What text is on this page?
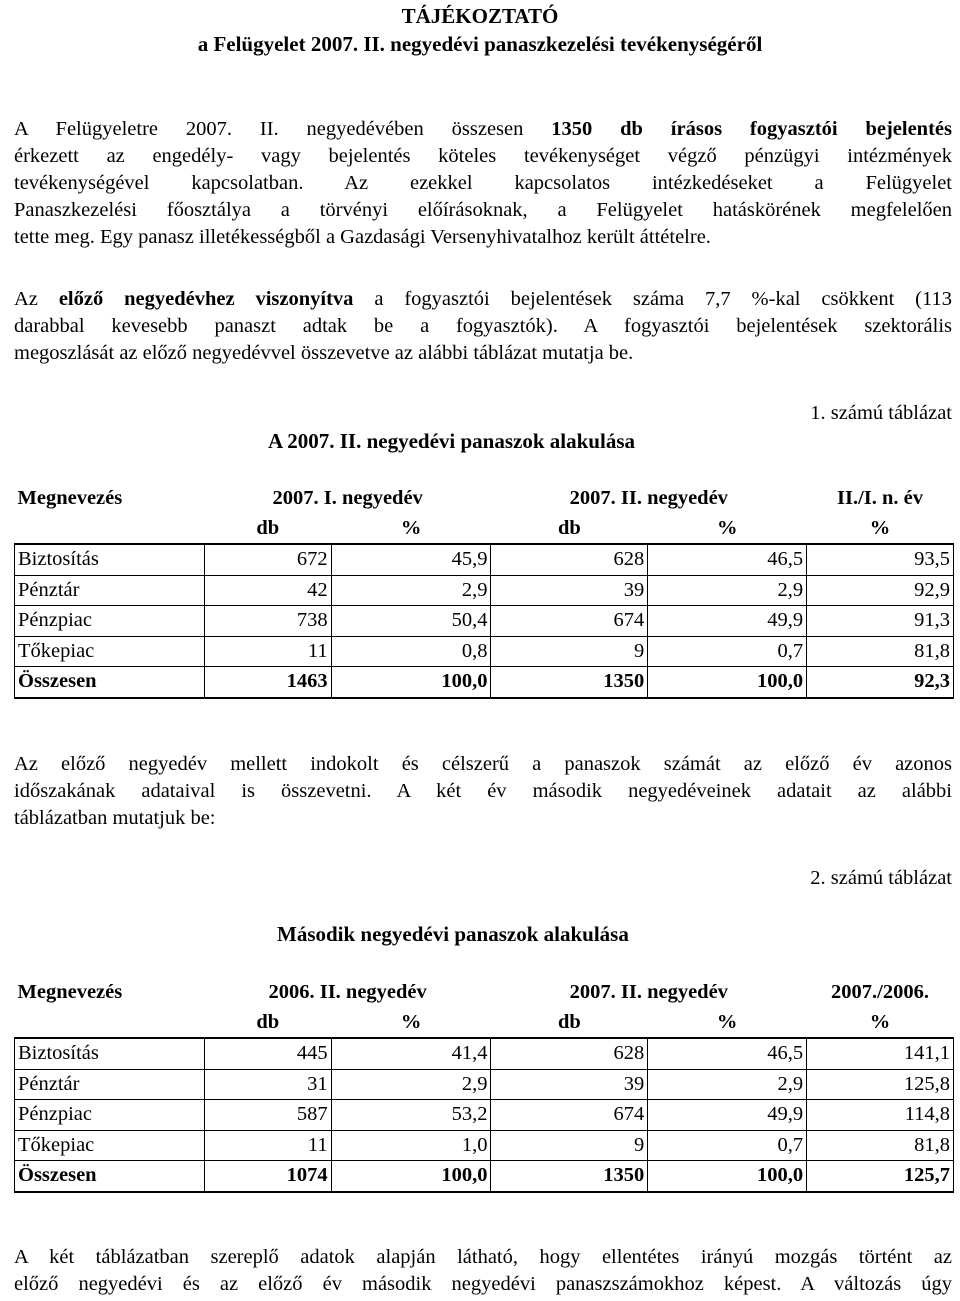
TÁJÉKOZTATÓ
a Felügyelet 2007. II. negyedévi panaszkezelési tevékenységéről
A Felügyeletre 2007. II. negyedévében összesen 1350 db írásos fogyasztói bejelentés
érkezett az engedély- vagy bejelentés köteles tevékenységet végző pénzügyi intézmények
tevékenységével kapcsolatban. Az ezekkel kapcsolatos intézkedéseket a Felügyelet
Panaszkezelési főosztálya a törvényi előírásoknak, a Felügyelet hatáskörének megfelelően
tette meg. Egy panasz illetékességből a Gazdasági Versenyhivatalhoz került áttételre.
Az előző negyedévhez viszonyítva a fogyasztói bejelentések száma 7,7 %-kal csökkent (113
darabbal kevesebb panaszt adtak be a fogyasztók). A fogyasztói bejelentések szektorális
megoszlását az előző negyedévvel összevetve az alábbi táblázat mutatja be.
1. számú táblázat
A 2007. II. negyedévi panaszok alakulása
Megnevezés	2007. I. negyedév		2007. II. negyedév		II./I. n. év
	db	%	db	%	%
Biztosítás	672	45,9	628	46,5	93,5
Pénztár	42	2,9	39	2,9	92,9
Pénzpiac	738	50,4	674	49,9	91,3
Tőkepiac	11	0,8	9	0,7	81,8
Összesen	1463	100,0	1350	100,0	92,3
Az előző negyedév mellett indokolt és célszerű a panaszok számát az előző év azonos
időszakának adataival is összevetni. A két év második negyedéveinek adatait az alábbi
táblázatban mutatjuk be:
2. számú táblázat
Második negyedévi panaszok alakulása
Megnevezés	2006. II. negyedév		2007. II. negyedév		2007./2006.
	db	%	db	%	%
Biztosítás	445	41,4	628	46,5	141,1
Pénztár	31	2,9	39	2,9	125,8
Pénzpiac	587	53,2	674	49,9	114,8
Tőkepiac	11	1,0	9	0,7	81,8
Összesen	1074	100,0	1350	100,0	125,7
A két táblázatban szereplő adatok alapján látható, hogy ellentétes irányú mozgás történt az
előző negyedévi és az előző év második negyedévi panaszszámokhoz képest. A változás úgy
